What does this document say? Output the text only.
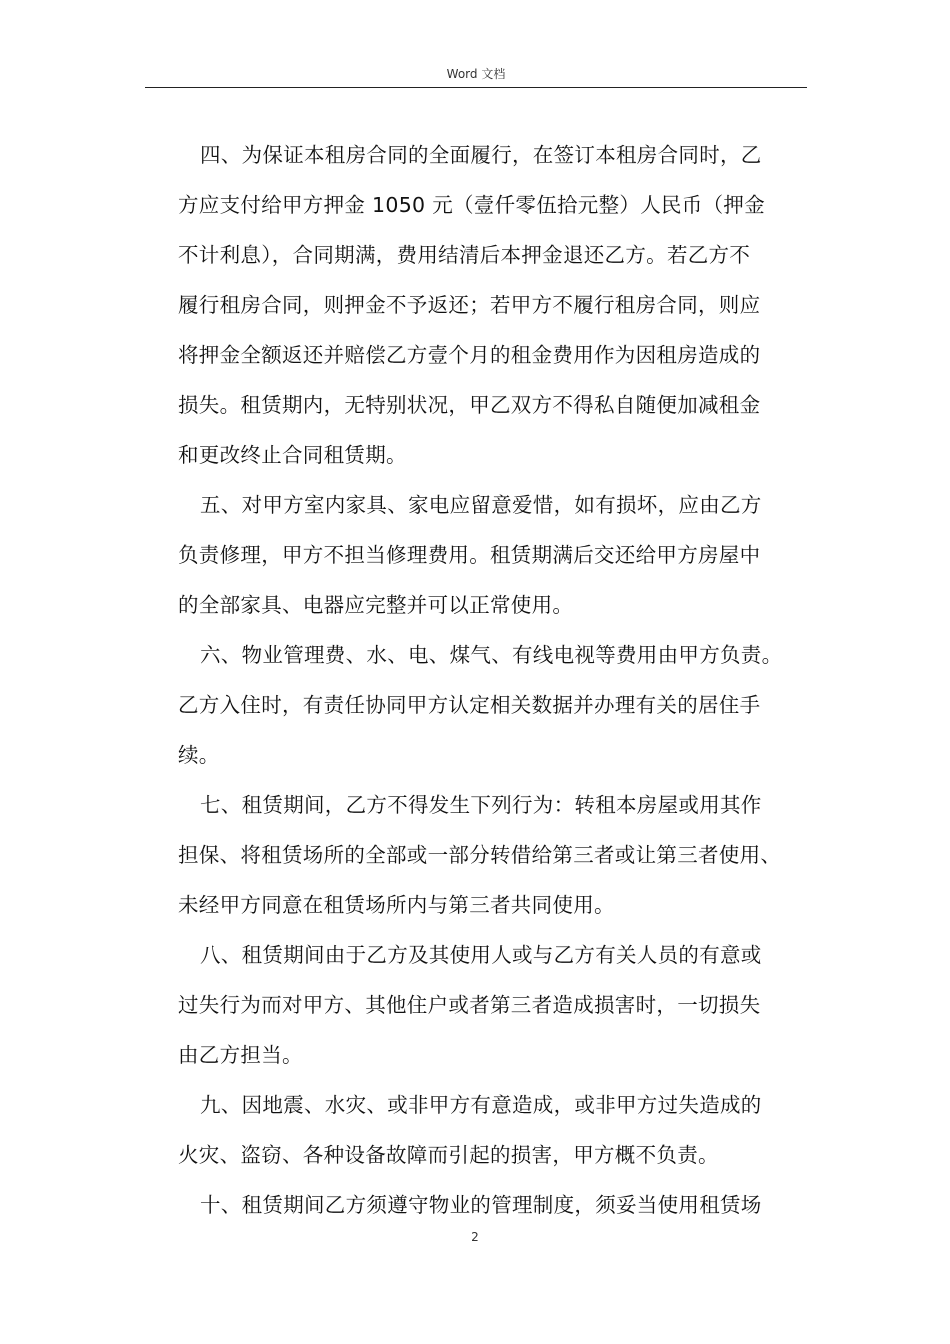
Word 文档
四、为保证本租房合同的全面履行，在签订本租房合同时，乙
方应支付给甲方押金 1050 元（壹仟零伍拾元整）人民币（押金
不计利息），合同期满，费用结清后本押金退还乙方。若乙方不
履行租房合同，则押金不予返还；若甲方不履行租房合同，则应
将押金全额返还并赔偿乙方壹个月的租金费用作为因租房造成的
损失。租赁期内，无特别状况，甲乙双方不得私自随便加减租金
和更改终止合同租赁期。
五、对甲方室内家具、家电应留意爱惜，如有损坏，应由乙方
负责修理，甲方不担当修理费用。租赁期满后交还给甲方房屋中
的全部家具、电器应完整并可以正常使用。
六、物业管理费、水、电、煤气、有线电视等费用由甲方负责。
乙方入住时，有责任协同甲方认定相关数据并办理有关的居住手
续。
七、租赁期间，乙方不得发生下列行为：转租本房屋或用其作
担保、将租赁场所的全部或一部分转借给第三者或让第三者使用、
未经甲方同意在租赁场所内与第三者共同使用。
八、租赁期间由于乙方及其使用人或与乙方有关人员的有意或
过失行为而对甲方、其他住户或者第三者造成损害时，一切损失
由乙方担当。
九、因地震、水灾、或非甲方有意造成，或非甲方过失造成的
火灾、盗窃、各种设备故障而引起的损害，甲方概不负责。
十、租赁期间乙方须遵守物业的管理制度，须妥当使用租赁场
2
